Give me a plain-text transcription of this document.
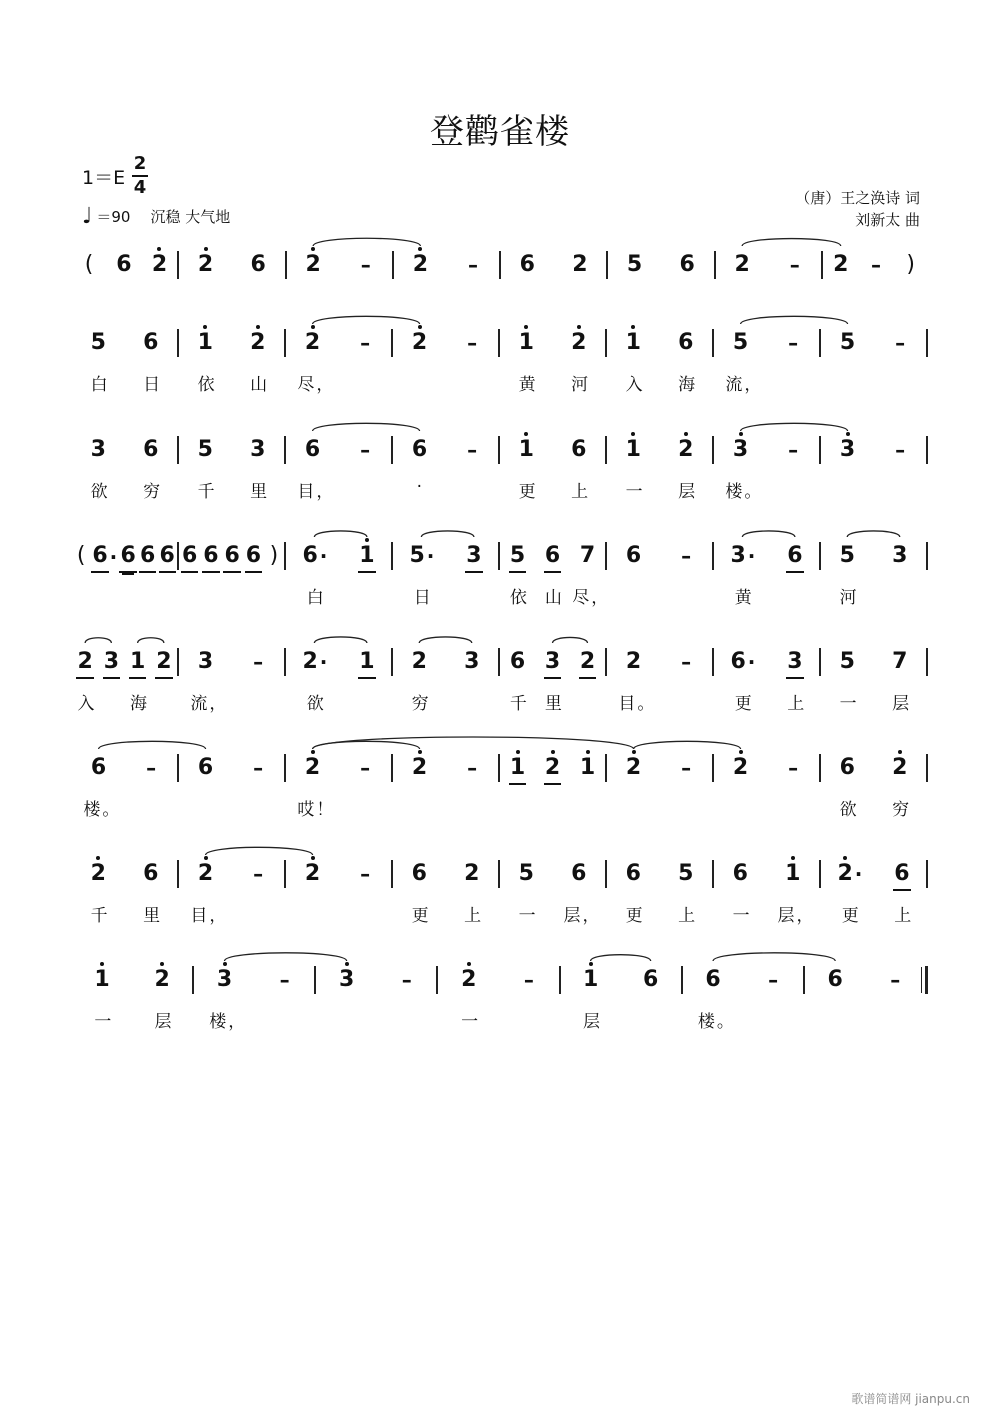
登鹳雀楼
1＝E
2
4
♩ ＝90 沉稳 大气地
（唐）王之涣诗 词
刘新太 曲
( 6 2 2 6 2 – 2 – 6 2 5 6 2 – 2 – )
5
白
6
日
1
依
2
山
2
尽，
– 2 – 1
黄
2
河
1
入
6
海
5
流，
– 5 –
3
欲
6
穷
5
千
3
里
6
目，
– 6
·
– 1
更
6
上
1
一
2
层
3
楼。
– 3 –
( 6 · 6 6 6 6 6 6 6 ) 6 ·
白
1 5 ·
日
3 5
依
6
山
7
尽，
6 – 3 ·
黄
6 5
河
3
2
入
3 1
海
2 3
流，
– 2 ·
欲
1 2
穷
3 6
千
3
里
2 2
目。
– 6 ·
更
3
上
5
一
7
层
6
楼。
– 6 – 2
哎！
– 2 – 1 2 1 2 – 2 – 6
欲
2
穷
2
千
6
里
2
目，
– 2 – 6
更
2
上
5
一
6
层，
6
更
5
上
6
一
1
层，
2 ·
更
6
上
1
一
2
层
3
楼，
– 3 – 2
一
– 1
层
6 6
楼。
– 6 –
歌谱简谱网 jianpu.cn
